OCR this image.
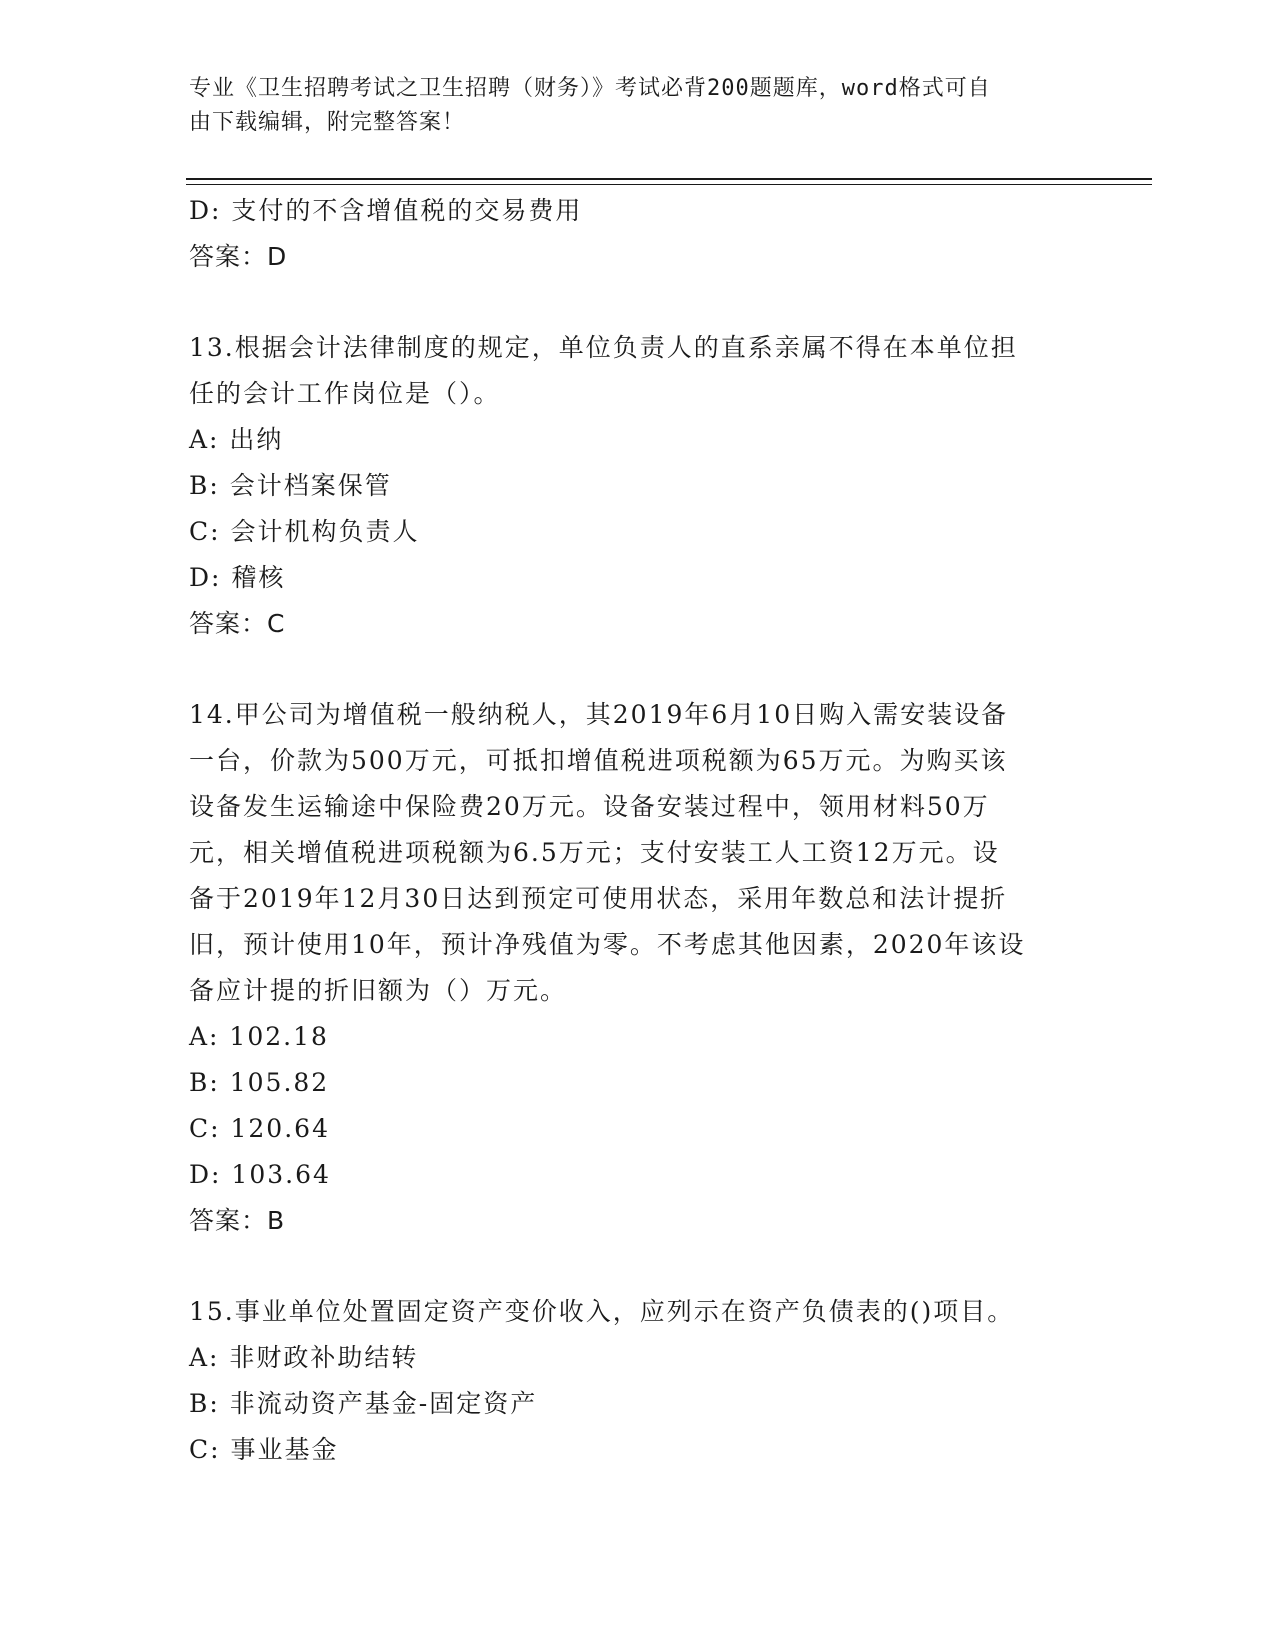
专业《卫生招聘考试之卫生招聘（财务）》考试必背200题题库，word格式可自
由下载编辑，附完整答案！
D: 支付的不含增值税的交易费用
答案：D
13.根据会计法律制度的规定，单位负责人的直系亲属不得在本单位担
任的会计工作岗位是（）。
A: 出纳
B: 会计档案保管
C: 会计机构负责人
D: 稽核
答案：C
14.甲公司为增值税一般纳税人，其2019年6月10日购入需安装设备
一台，价款为500万元，可抵扣增值税进项税额为65万元。为购买该
设备发生运输途中保险费20万元。设备安装过程中，领用材料50万
元，相关增值税进项税额为6.5万元；支付安装工人工资12万元。设
备于2019年12月30日达到预定可使用状态，采用年数总和法计提折
旧，预计使用10年，预计净残值为零。不考虑其他因素，2020年该设
备应计提的折旧额为（）万元。
A: 102.18
B: 105.82
C: 120.64
D: 103.64
答案：B
15.事业单位处置固定资产变价收入，应列示在资产负债表的()项目。
A: 非财政补助结转
B: 非流动资产基金-固定资产
C: 事业基金
